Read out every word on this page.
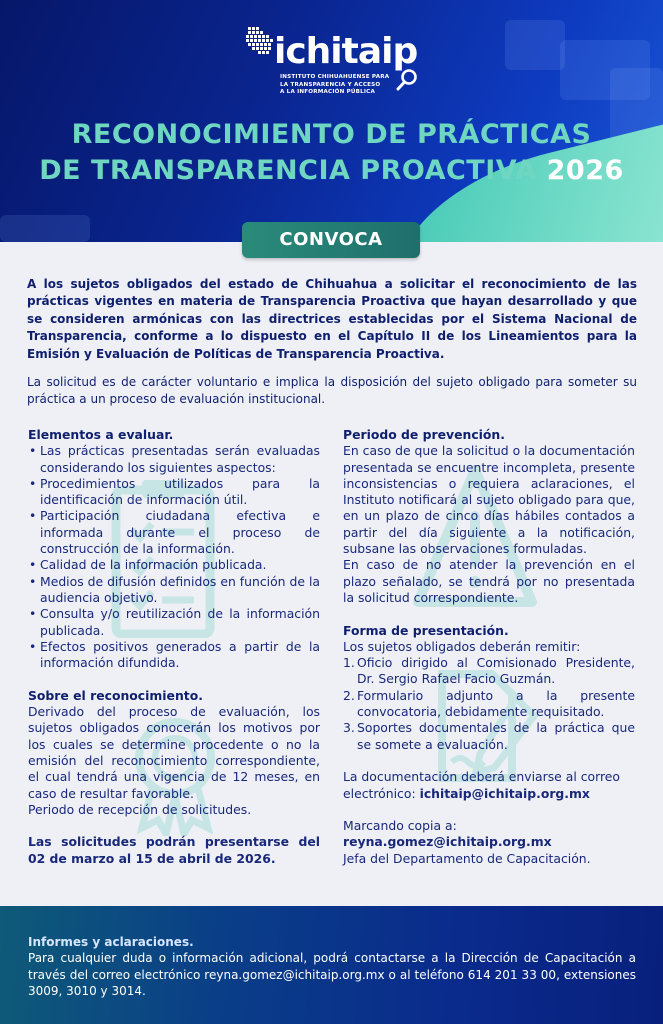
ichitaip
INSTITUTO CHIHUAHUENSE PARA
LA TRANSPARENCIA Y ACCESO
A LA INFORMACIÓN PÚBLICA
RECONOCIMIENTO DE PRÁCTICAS
DE TRANSPARENCIA PROACTIVA 2026
CONVOCA
A los sujetos obligados del estado de Chihuahua a solicitar el reconocimiento de las prácticas vigentes en materia de Transparencia Proactiva que hayan desarrollado y que se consideren armónicas con las directrices establecidas por el Sistema Nacional de Transparencia, conforme a lo dispuesto en el Capítulo II de los Lineamientos para la Emisión y Evaluación de Políticas de Transparencia Proactiva.
La solicitud es de carácter voluntario e implica la disposición del sujeto obligado para someter su práctica a un proceso de evaluación institucional.
Elementos a evaluar.
• Las prácticas presentadas serán evaluadas considerando los siguientes aspectos:
• Procedimientos utilizados para la identificación de información útil.
• Participación ciudadana efectiva e informada durante el proceso de construcción de la información.
• Calidad de la información publicada.
• Medios de difusión definidos en función de la audiencia objetivo.
• Consulta y/o reutilización de la información publicada.
• Efectos positivos generados a partir de la información difundida.
Sobre el reconocimiento.

Derivado del proceso de evaluación, los sujetos obligados conocerán los motivos por los cuales se determine procedente o no la emisión del reconocimiento correspondiente, el cual tendrá una vigencia de 12 meses, en caso de resultar favorable.

Periodo de recepción de solicitudes.

Las solicitudes podrán presentarse del 02 de marzo al 15 de abril de 2026.

Periodo de prevención.

En caso de que la solicitud o la documentación presentada se encuentre incompleta, presente inconsistencias o requiera aclaraciones, el Instituto notificará al sujeto obligado para que, en un plazo de cinco días hábiles contados a partir del día siguiente a la notificación, subsane las observaciones formuladas.

En caso de no atender la prevención en el plazo señalado, se tendrá por no presentada la solicitud correspondiente.

Forma de presentación.

Los sujetos obligados deberán remitir:

1. Oficio dirigido al Comisionado Presidente, Dr. Sergio Rafael Facio Guzmán.
2. Formulario adjunto a la presente convocatoria, debidamente requisitado.
3. Soportes documentales de la práctica que se somete a evaluación.

La documentación deberá enviarse al correo electrónico: ichitaip@ichitaip.org.mx

Marcando copia a:

reyna.gomez@ichitaip.org.mx

Jefa del Departamento de Capacitación.

Informes y aclaraciones.
Para cualquier duda o información adicional, podrá contactarse a la Dirección de Capacitación a través del correo electrónico reyna.gomez@ichitaip.org.mx o al teléfono 614 201 33 00, extensiones 3009, 3010 y 3014.
